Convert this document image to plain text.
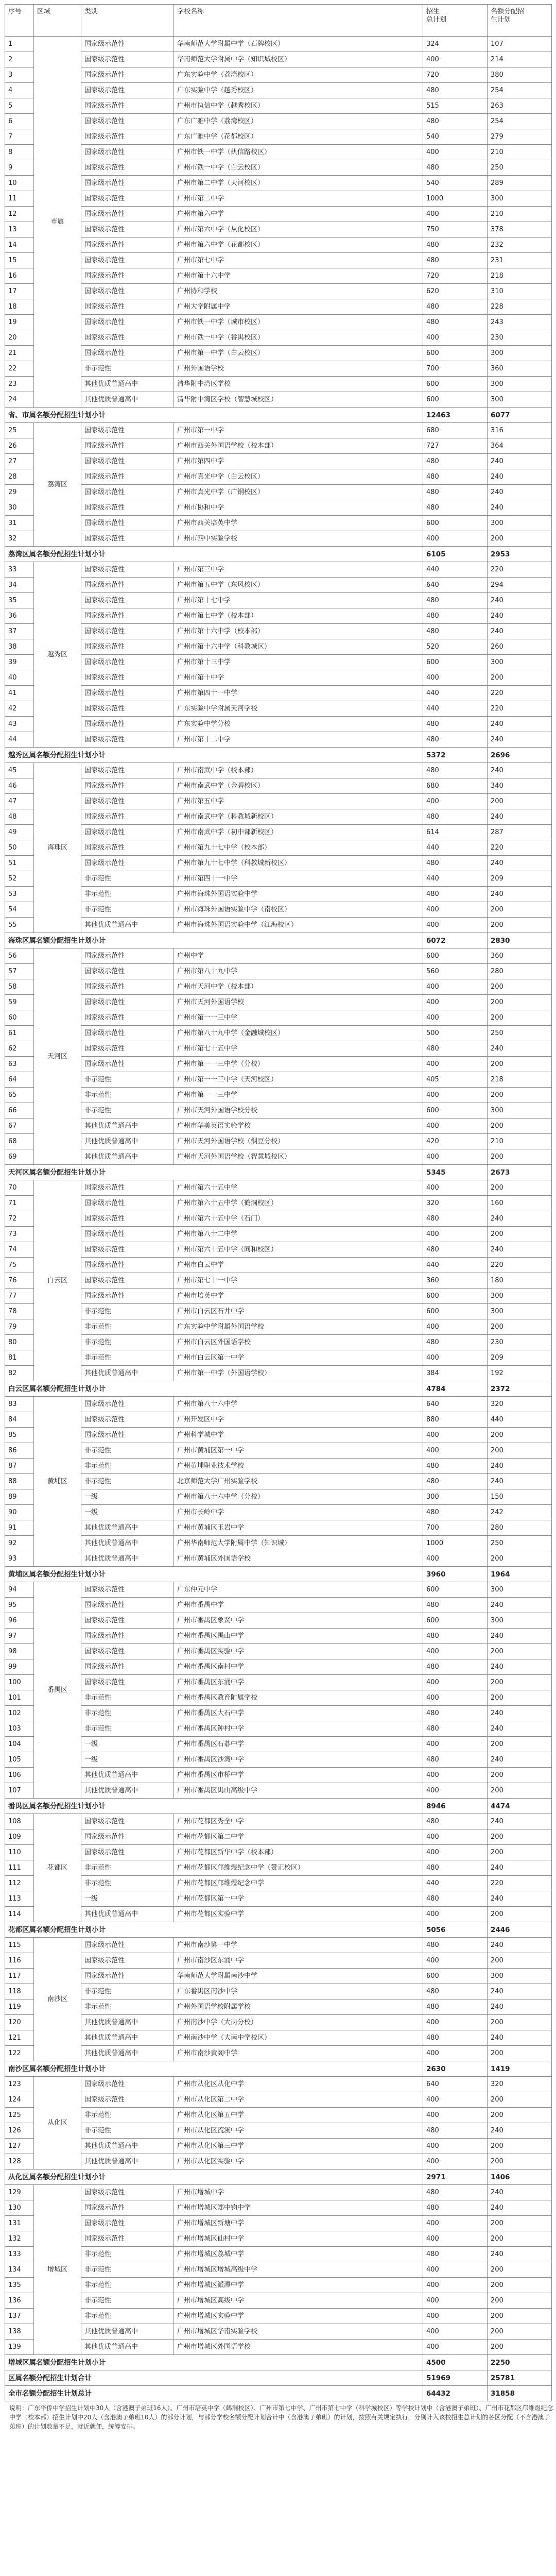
序号	区域	类别	学校名称	招生
总计划	名额分配招
生计划
1	市属	国家级示范性	华南师范大学附属中学（石牌校区）	324	107
2		国家级示范性	华南师范大学附属中学（知识城校区）	400	214
3		国家级示范性	广东实验中学（荔湾校区）	720	380
4		国家级示范性	广东实验中学（越秀校区）	480	254
5		国家级示范性	广州市执信中学（越秀校区）	515	263
6		国家级示范性	广东广雅中学（荔湾校区）	480	254
7		国家级示范性	广东广雅中学（花都校区）	540	279
8		国家级示范性	广州市铁一中学（执信路校区）	400	210
9		国家级示范性	广州市铁一中学（白云校区）	480	250
10		国家级示范性	广州市第二中学（天河校区）	540	289
11		国家级示范性	广州市第二中学	1000	300
12		国家级示范性	广州市第六中学	400	210
13		国家级示范性	广州市第六中学（从化校区）	750	378
14		国家级示范性	广州市第六中学（花都校区）	480	232
15		国家级示范性	广州市第七中学	480	231
16		国家级示范性	广州市第十六中学	720	218
17		国家级示范性	广州协和学校	620	310
18		国家级示范性	广州大学附属中学	480	228
19		国家级示范性	广州市铁一中学（城市校区）	480	243
20		国家级示范性	广州市铁一中学（番禺校区）	400	230
21		国家级示范性	广州市第一中学（白云校区）	600	300
22		非示范性	广州外国语学校	700	360
23		其他优质普通高中	清华附中湾区学校	600	300
24		其他优质普通高中	清华附中湾区学校（智慧城校区）	600	300
省、市属名额分配招生计划小计				12463	6077
25	荔湾区	国家级示范性	广州市第一中学	680	316
26		国家级示范性	广州市西关外国语学校（校本部）	727	364
27		国家级示范性	广州市第四中学	480	240
28		国家级示范性	广州市真光中学（白云校区）	480	240
29		国家级示范性	广州市真光中学（广钢校区）	480	240
30		国家级示范性	广州市协和中学	480	240
31		国家级示范性	广州市西关培英中学	600	300
32		国家级示范性	广州市四中实验学校	400	200
荔湾区属名额分配招生计划小计				6105	2953
33	越秀区	国家级示范性	广州市第三中学	440	220
34		国家级示范性	广州市第五中学（东风校区）	640	294
35		国家级示范性	广州市第十七中学	480	240
36		国家级示范性	广州市第七中学（校本部）	480	240
37		国家级示范性	广州市第十六中学（校本部）	480	240
38		国家级示范性	广州市第十六中学（科教城区）	520	260
39		国家级示范性	广州市第十三中学	600	300
40		国家级示范性	广州市第十中学	400	200
41		国家级示范性	广州市第四十一中学	440	220
42		国家级示范性	广东实验中学附属天河学校	440	220
43		国家级示范性	广东实验中学分校	480	240
44		国家级示范性	广州市第十二中学	480	240
越秀区属名额分配招生计划小计				5372	2696
45	海珠区	国家级示范性	广州市南武中学（校本部）	480	240
46		国家级示范性	广州市南武中学（金碧校区）	680	340
47		国家级示范性	广州市第五中学	400	200
48		国家级示范性	广州市南武中学（科教城新校区）	480	240
49		国家级示范性	广州市南武中学（初中部新校区）	614	287
50		国家级示范性	广州市第九十七中学（校本部）	440	220
51		国家级示范性	广州市第九十七中学（科教城新校区）	480	240
52		非示范性	广州市第四十一中学	440	209
53		非示范性	广州市海珠外国语实验中学	480	240
54		非示范性	广州市海珠外国语实验中学（南校区）	400	200
55		其他优质普通高中	广州市海珠外国语实验中学（江海校区）	400	200
海珠区属名额分配招生计划小计				6072	2830
56	天河区	国家级示范性	广州中学	600	360
57		国家级示范性	广州市第八十九中学	560	280
58		国家级示范性	广州市天河中学（校本部）	400	200
59		国家级示范性	广州市天河外国语学校	400	200
60		国家级示范性	广州市第一一三中学	400	200
61		国家级示范性	广州市第八十九中学（金融城校区）	500	250
62		国家级示范性	广州市第七十五中学	480	240
63		国家级示范性	广州市第一一三中学（分校）	400	200
64		非示范性	广州市第一一三中学（天河校区）	405	218
65		非示范性	广州市第一一三中学	400	200
66		非示范性	广州市天河外国语学校分校	600	300
67		其他优质普通高中	广州市华美英语实验学校	400	200
68		其他优质普通高中	广州市天河外国语学校（烟豆分校）	420	210
69		其他优质普通高中	广州市天河外国语学校（智慧城校区）	400	200
天河区属名额分配招生计划小计				5345	2673
70	白云区	国家级示范性	广州市第六十五中学	400	200
71		国家级示范性	广州市第六十五中学（鹤洞校区）	320	160
72		国家级示范性	广州市第六十五中学（石门）	480	240
73		国家级示范性	广州市第八十二中学	400	200
74		国家级示范性	广州市第六十五中学（同和校区）	480	240
75		国家级示范性	广州市白云中学	440	220
76		国家级示范性	广州市第七十一中学	360	180
77		国家级示范性	广州市培英中学	600	300
78		非示范性	广州市白云区石井中学	600	300
79		非示范性	广东实验中学附属外国语学校	400	200
80		非示范性	广州市白云区外国语学校	480	230
81		非示范性	广州市白云区第一中学	400	209
82		其他优质普通高中	广州市第一中学（外国语学校）	384	192
白云区属名额分配招生计划小计				4784	2372
83	黄埔区	国家级示范性	广州市第八十六中学	640	320
84		国家级示范性	广州开发区中学	880	440
85		国家级示范性	广州科学城中学	400	200
86		非示范性	广州市黄埔区第一中学	400	200
87		非示范性	广州黄埔职业技术学校	480	240
88		非示范性	北京师范大学广州实验学校	480	240
89		一级	广州市第八十六中学（分校）	300	150
90		一级	广州市长岭中学	480	242
91		其他优质普通高中	广州市黄埔区玉岩中学	700	280
92		其他优质普通高中	广州华南师范大学附属中学（知识城）	1000	250
93		其他优质普通高中	广州市黄埔区外国语学校	400	200
黄埔区属名额分配招生计划小计				3960	1964
94	番禺区	国家级示范性	广东仲元中学	600	300
95		国家级示范性	广州市番禺中学	480	240
96		国家级示范性	广州市番禺区象贤中学	600	300
97		国家级示范性	广州市番禺区禺山中学	480	240
98		国家级示范性	广州市番禺区实验中学	400	200
99		国家级示范性	广州市番禺区南村中学	480	240
100		国家级示范性	广州市番禺区东涌中学	400	200
101		非示范性	广州市番禺区教育附属学校	400	200
102		非示范性	广州市番禺区大石中学	480	240
103		非示范性	广州市番禺区钟村中学	480	240
104		一级	广州市番禺区石碁中学	400	200
105		一级	广州市番禺区沙湾中学	480	240
106		其他优质普通高中	广州市番禺区市桥中学	400	200
107		其他优质普通高中	广州市番禺区禺山高级中学	400	200
番禺区属名额分配招生计划小计				8946	4474
108	花都区	国家级示范性	广州市花都区秀全中学	480	240
109		国家级示范性	广州市花都区第二中学	400	200
110		国家级示范性	广州市花都区新华中学（校本部）	400	200
111		非示范性	广州市花都区邝维煜纪念中学（赞正校区）	480	240
112		非示范性	广州市花都区邝维煜纪念中学	440	220
113		一级	广州市花都区第一中学	480	240
114		其他优质普通高中	广州市花都区实验中学	400	200
花都区属名额分配招生计划小计				5056	2446
115	南沙区	国家级示范性	广州市南沙第一中学	480	240
116		国家级示范性	广州市南沙区东涌中学	400	200
117		国家级示范性	华南师范大学附属南沙中学	600	300
118		非示范性	广东番禺区南沙中学	480	240
119		非示范性	广州外国语学校附属学校	480	240
120		其他优质普通高中	广州南沙中学（大岗分校）	400	200
121		其他优质普通高中	广州南沙中学（大南中学校区）	480	240
122		其他优质普通高中	广州市南沙黄阁中学	400	200
南沙区属名额分配招生计划小计				2630	1419
123	从化区	国家级示范性	广州市从化区从化中学	640	320
124		国家级示范性	广州市从化区第二中学	400	200
125		非示范性	广州市从化区第五中学	400	200
126		非示范性	广州市从化区流溪中学	480	240
127		其他优质普通高中	广州市从化区第三中学	400	200
128		其他优质普通高中	广州市从化区实验中学	400	200
从化区属名额分配招生计划小计				2971	1406
129	增城区	国家级示范性	广州市增城中学	480	240
130		国家级示范性	广州市增城区郑中钧中学	480	240
131		国家级示范性	广州市增城区新塘中学	400	200
132		国家级示范性	广州市增城区仙村中学	400	200
133		非示范性	广州市增城区荔城中学	480	240
134		非示范性	广州市增城区增城高级中学	400	200
135		非示范性	广州市增城区派潭中学	400	200
136		非示范性	广州市增城区高级中学	400	200
137		非示范性	广州市增城区实验中学	400	200
138		其他优质普通高中	广州市增城区华南实验学校	400	200
139		其他优质普通高中	广州市增城区外国语学校	400	200
增城区属名额分配招生计划小计				4500	2250
区属名额分配招生计划合计				51969	25781
全市名额分配招生计划总计				64432	31858
说明：广东华侨中学招生计划中30人（含港澳子弟班16人）、广州市培英中学（鹤洞校区）、广州市第七中学、广州市第七中学（科学城校区）等学校计划中（含港澳子弟班）、广州市花都区邝维煜纪念中学（校本部）招生计划中20人（含港澳子弟班10人）的部分计划，与部分学校名额分配计划合计中（含港澳子弟班）的计划，按照有关规定执行，分别计入该校招生总计划的各区分配（不含港澳子弟班）的计划数量不足，就近就便，统筹安排。
